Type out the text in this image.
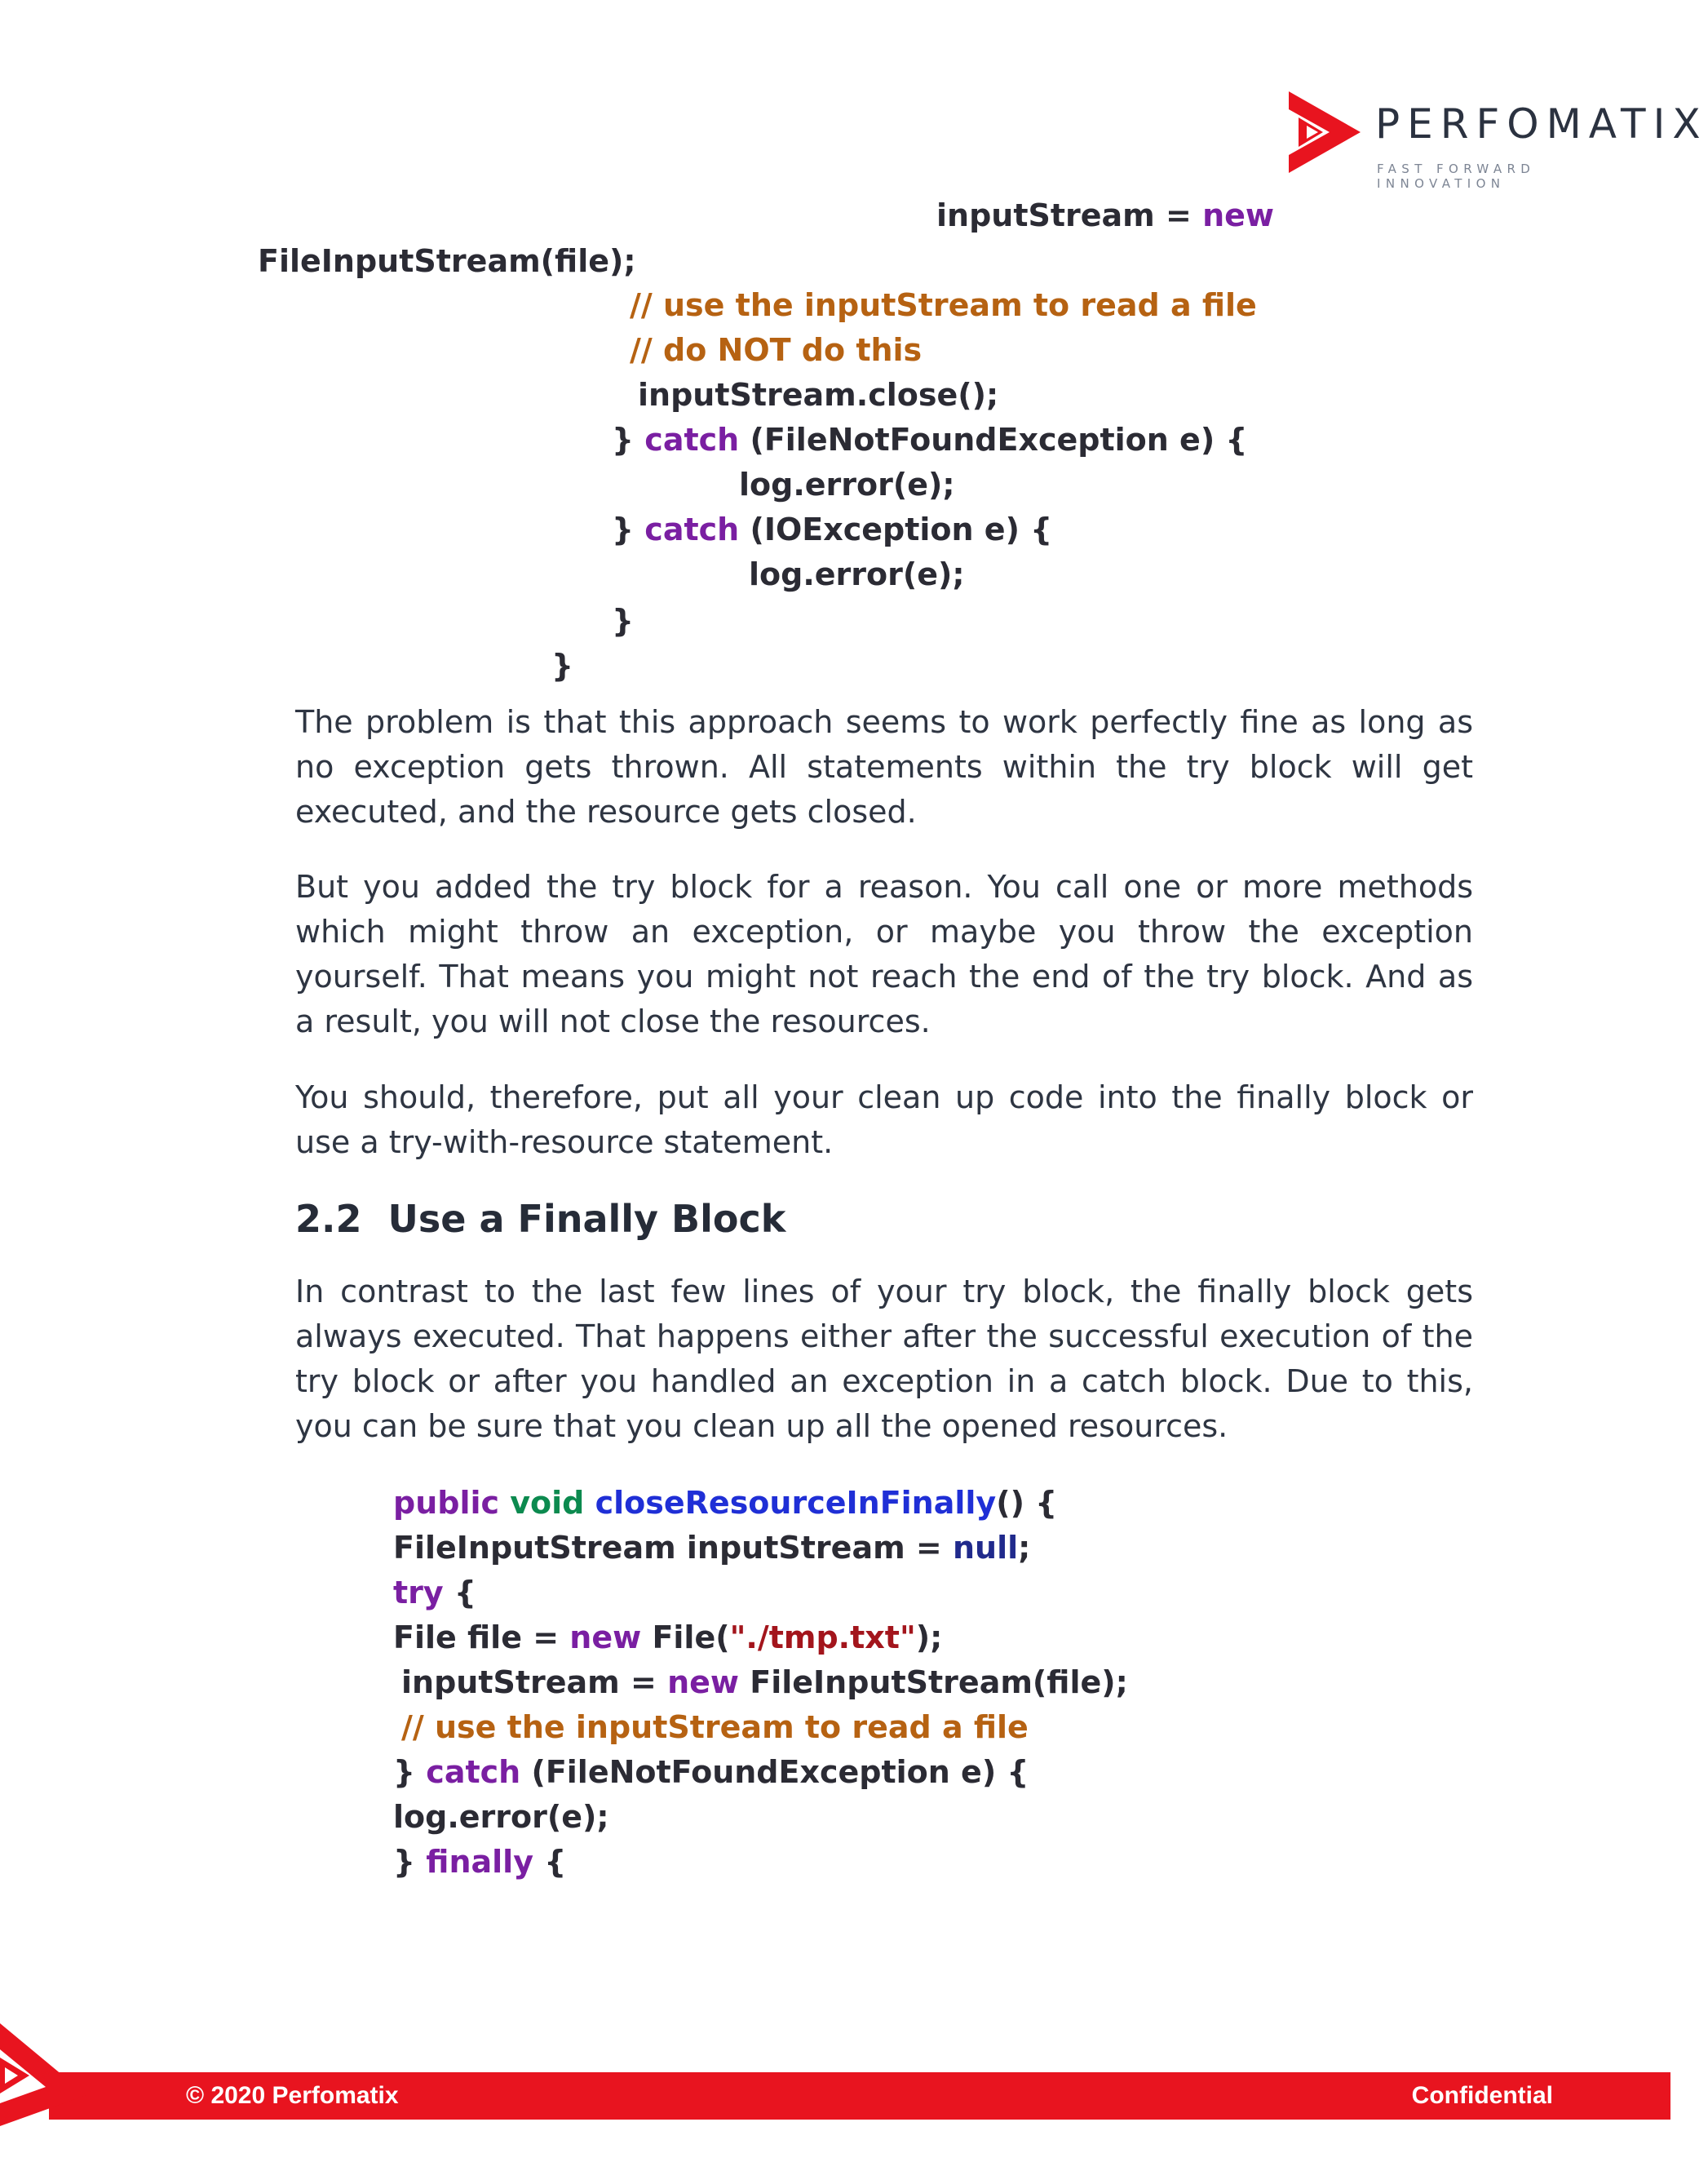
PERFOMATIX
FAST FORWARD INNOVATION
inputStream = new
FileInputStream(file);
// use the inputStream to read a file
// do NOT do this
inputStream.close();
} catch (FileNotFoundException e) {
log.error(e);
} catch (IOException e) {
log.error(e);
}
}

The problem is that this approach seems to work perfectly fine as long as no exception gets thrown. All statements within the try block will get executed, and the resource gets closed.

But you added the try block for a reason. You call one or more methods which might throw an exception, or maybe you throw the exception yourself. That means you might not reach the end of the try block. And as a result, you will not close the resources.

You should, therefore, put all your clean up code into the finally block or use a try-with-resource statement.

2.2  Use a Finally Block

In contrast to the last few lines of your try block, the finally block gets always executed. That happens either after the successful execution of the try block or after you handled an exception in a catch block. Due to this, you can be sure that you clean up all the opened resources.

public void closeResourceInFinally() {
FileInputStream inputStream = null;
try {
File file = new File("./tmp.txt");
inputStream = new FileInputStream(file);
// use the inputStream to read a file
} catch (FileNotFoundException e) {
log.error(e);
} finally {
© 2020 Perfomatix	Confidential
